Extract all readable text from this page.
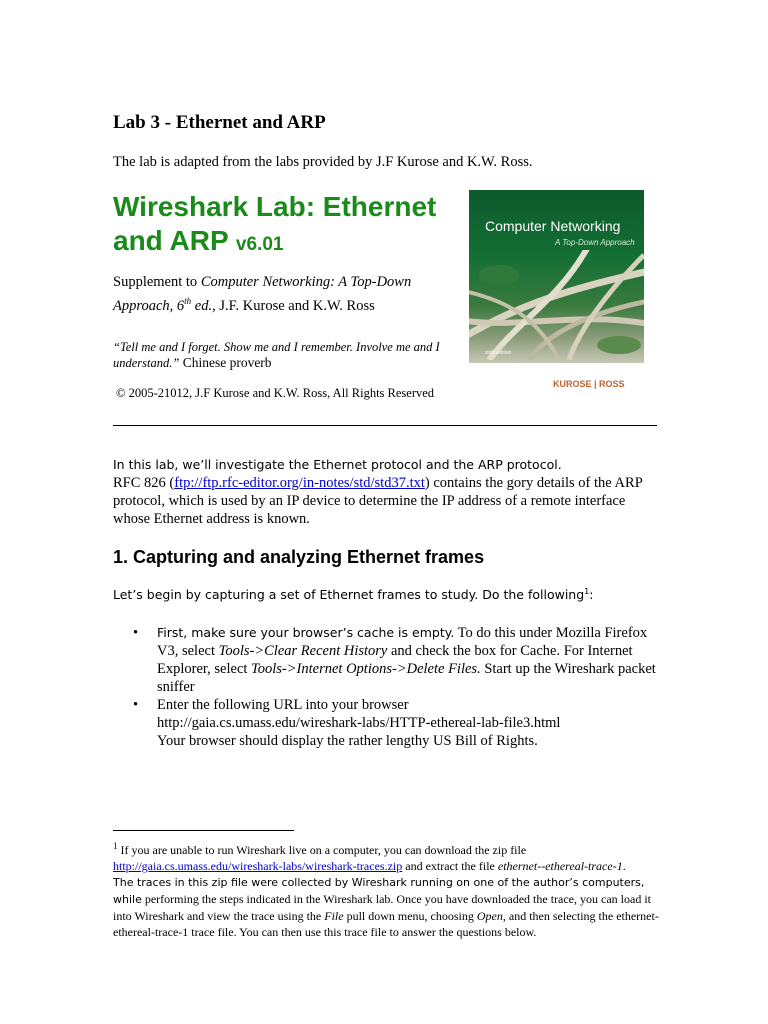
Lab 3 - Ethernet and ARP

The lab is adapted from the labs provided by J.F Kurose and K.W. Ross.

Wireshark Lab: Ethernet
and ARP v6.01

Supplement to Computer Networking: A Top-Down Approach, 6th ed., J.F. Kurose and K.W. Ross

“Tell me and I forget. Show me and I remember. Involve me and I understand.” Chinese proverb

© 2005-21012, J.F Kurose and K.W. Ross, All Rights Reserved

Computer Networking
A Top-Down Approach
sixth edition
KUROSE | ROSS

In this lab, we’ll investigate the Ethernet protocol and the ARP protocol.
RFC 826 (ftp://ftp.rfc-editor.org/in-notes/std/std37.txt) contains the gory details of the ARP protocol, which is used by an IP device to determine the IP address of a remote interface whose Ethernet address is known.

1. Capturing and analyzing Ethernet frames

Let’s begin by capturing a set of Ethernet frames to study. Do the following$^1$:

• First, make sure your browser’s cache is empty. To do this under Mozilla Firefox V3, select Tools->Clear Recent History and check the box for Cache. For Internet Explorer, select Tools->Internet Options->Delete Files. Start up the Wireshark packet sniffer
• Enter the following URL into your browser
http://gaia.cs.umass.edu/wireshark-labs/HTTP-ethereal-lab-file3.html
Your browser should display the rather lengthy US Bill of Rights.

$^1$ If you are unable to run Wireshark live on a computer, you can download the zip file
http://gaia.cs.umass.edu/wireshark-labs/wireshark-traces.zip and extract the file ethernet--ethereal-trace-1.
The traces in this zip file were collected by Wireshark running on one of the author’s computers, while performing the steps indicated in the Wireshark lab. Once you have downloaded the trace, you can load it into Wireshark and view the trace using the File pull down menu, choosing Open, and then selecting the ethernet-ethereal-trace-1 trace file. You can then use this trace file to answer the questions below.
